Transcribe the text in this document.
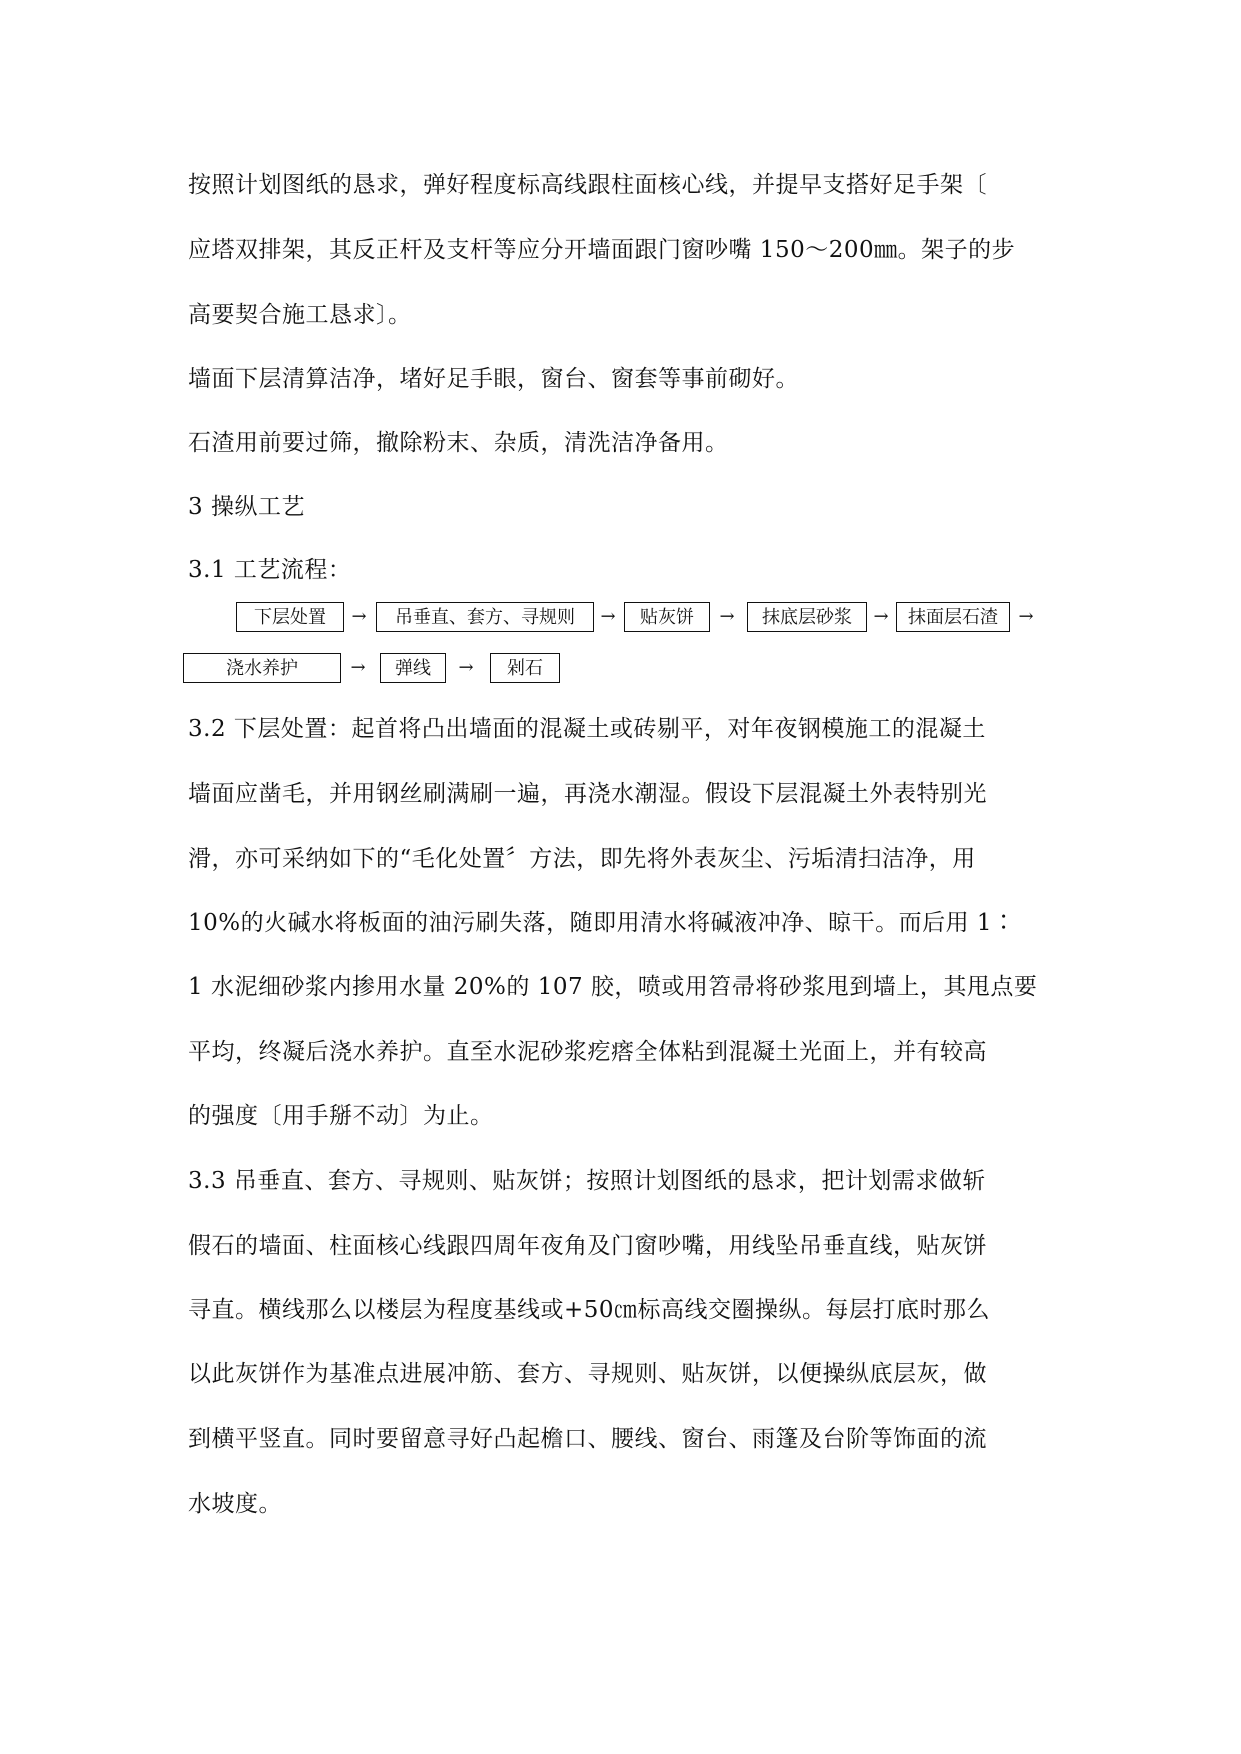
按照计划图纸的恳求，弹好程度标高线跟柱面核心线，并提早支搭好足手架〔
应塔双排架，其反正杆及支杆等应分开墙面跟门窗吵嘴 150～200㎜。架子的步
高要契合施工恳求〕。
墙面下层清算洁净，堵好足手眼，窗台、窗套等事前砌好。
石渣用前要过筛，撤除粉末、杂质，清洗洁净备用。
3 操纵工艺
3.1 工艺流程：
下层处置	→	吊垂直、套方、寻规则	→	贴灰饼	→	抹底层砂浆	→	抹面层石渣	→
浇水养护	→	弹线	→	剁石
3.2 下层处置：起首将凸出墙面的混凝土或砖剔平，对年夜钢模施工的混凝土
墙面应凿毛，并用钢丝刷满刷一遍，再浇水潮湿。假设下层混凝土外表特别光
滑，亦可采纳如下的“毛化处置〞方法，即先将外表灰尘、污垢清扫洁净，用
10%的火碱水将板面的油污刷失落，随即用清水将碱液冲净、晾干。而后用 1∶
1 水泥细砂浆内掺用水量 20%的 107 胶，喷或用笤帚将砂浆甩到墙上，其甩点要
平均，终凝后浇水养护。直至水泥砂浆疙瘩全体粘到混凝土光面上，并有较高
的强度〔用手掰不动〕为止。
3.3 吊垂直、套方、寻规则、贴灰饼；按照计划图纸的恳求，把计划需求做斩
假石的墙面、柱面核心线跟四周年夜角及门窗吵嘴，用线坠吊垂直线，贴灰饼
寻直。横线那么以楼层为程度基线或+50㎝标高线交圈操纵。每层打底时那么
以此灰饼作为基准点进展冲筋、套方、寻规则、贴灰饼，以便操纵底层灰，做
到横平竖直。同时要留意寻好凸起檐口、腰线、窗台、雨篷及台阶等饰面的流
水坡度。
